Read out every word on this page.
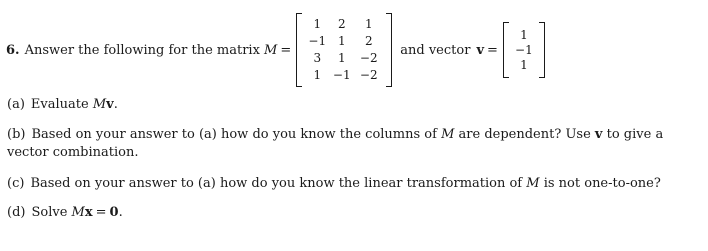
6. Answer the following for the matrix
M =
1 2 1
−1 1 2
3 1 −2
1 −1 −2
and vector v =
1
−1
1
(a) Evaluate Mv.
(b) Based on your answer to (a) how do you know the columns of M are dependent? Use v to give a vector combination.
(c) Based on your answer to (a) how do you know the linear transformation of M is not one-to-one?
(d) Solve Mx = 0.
